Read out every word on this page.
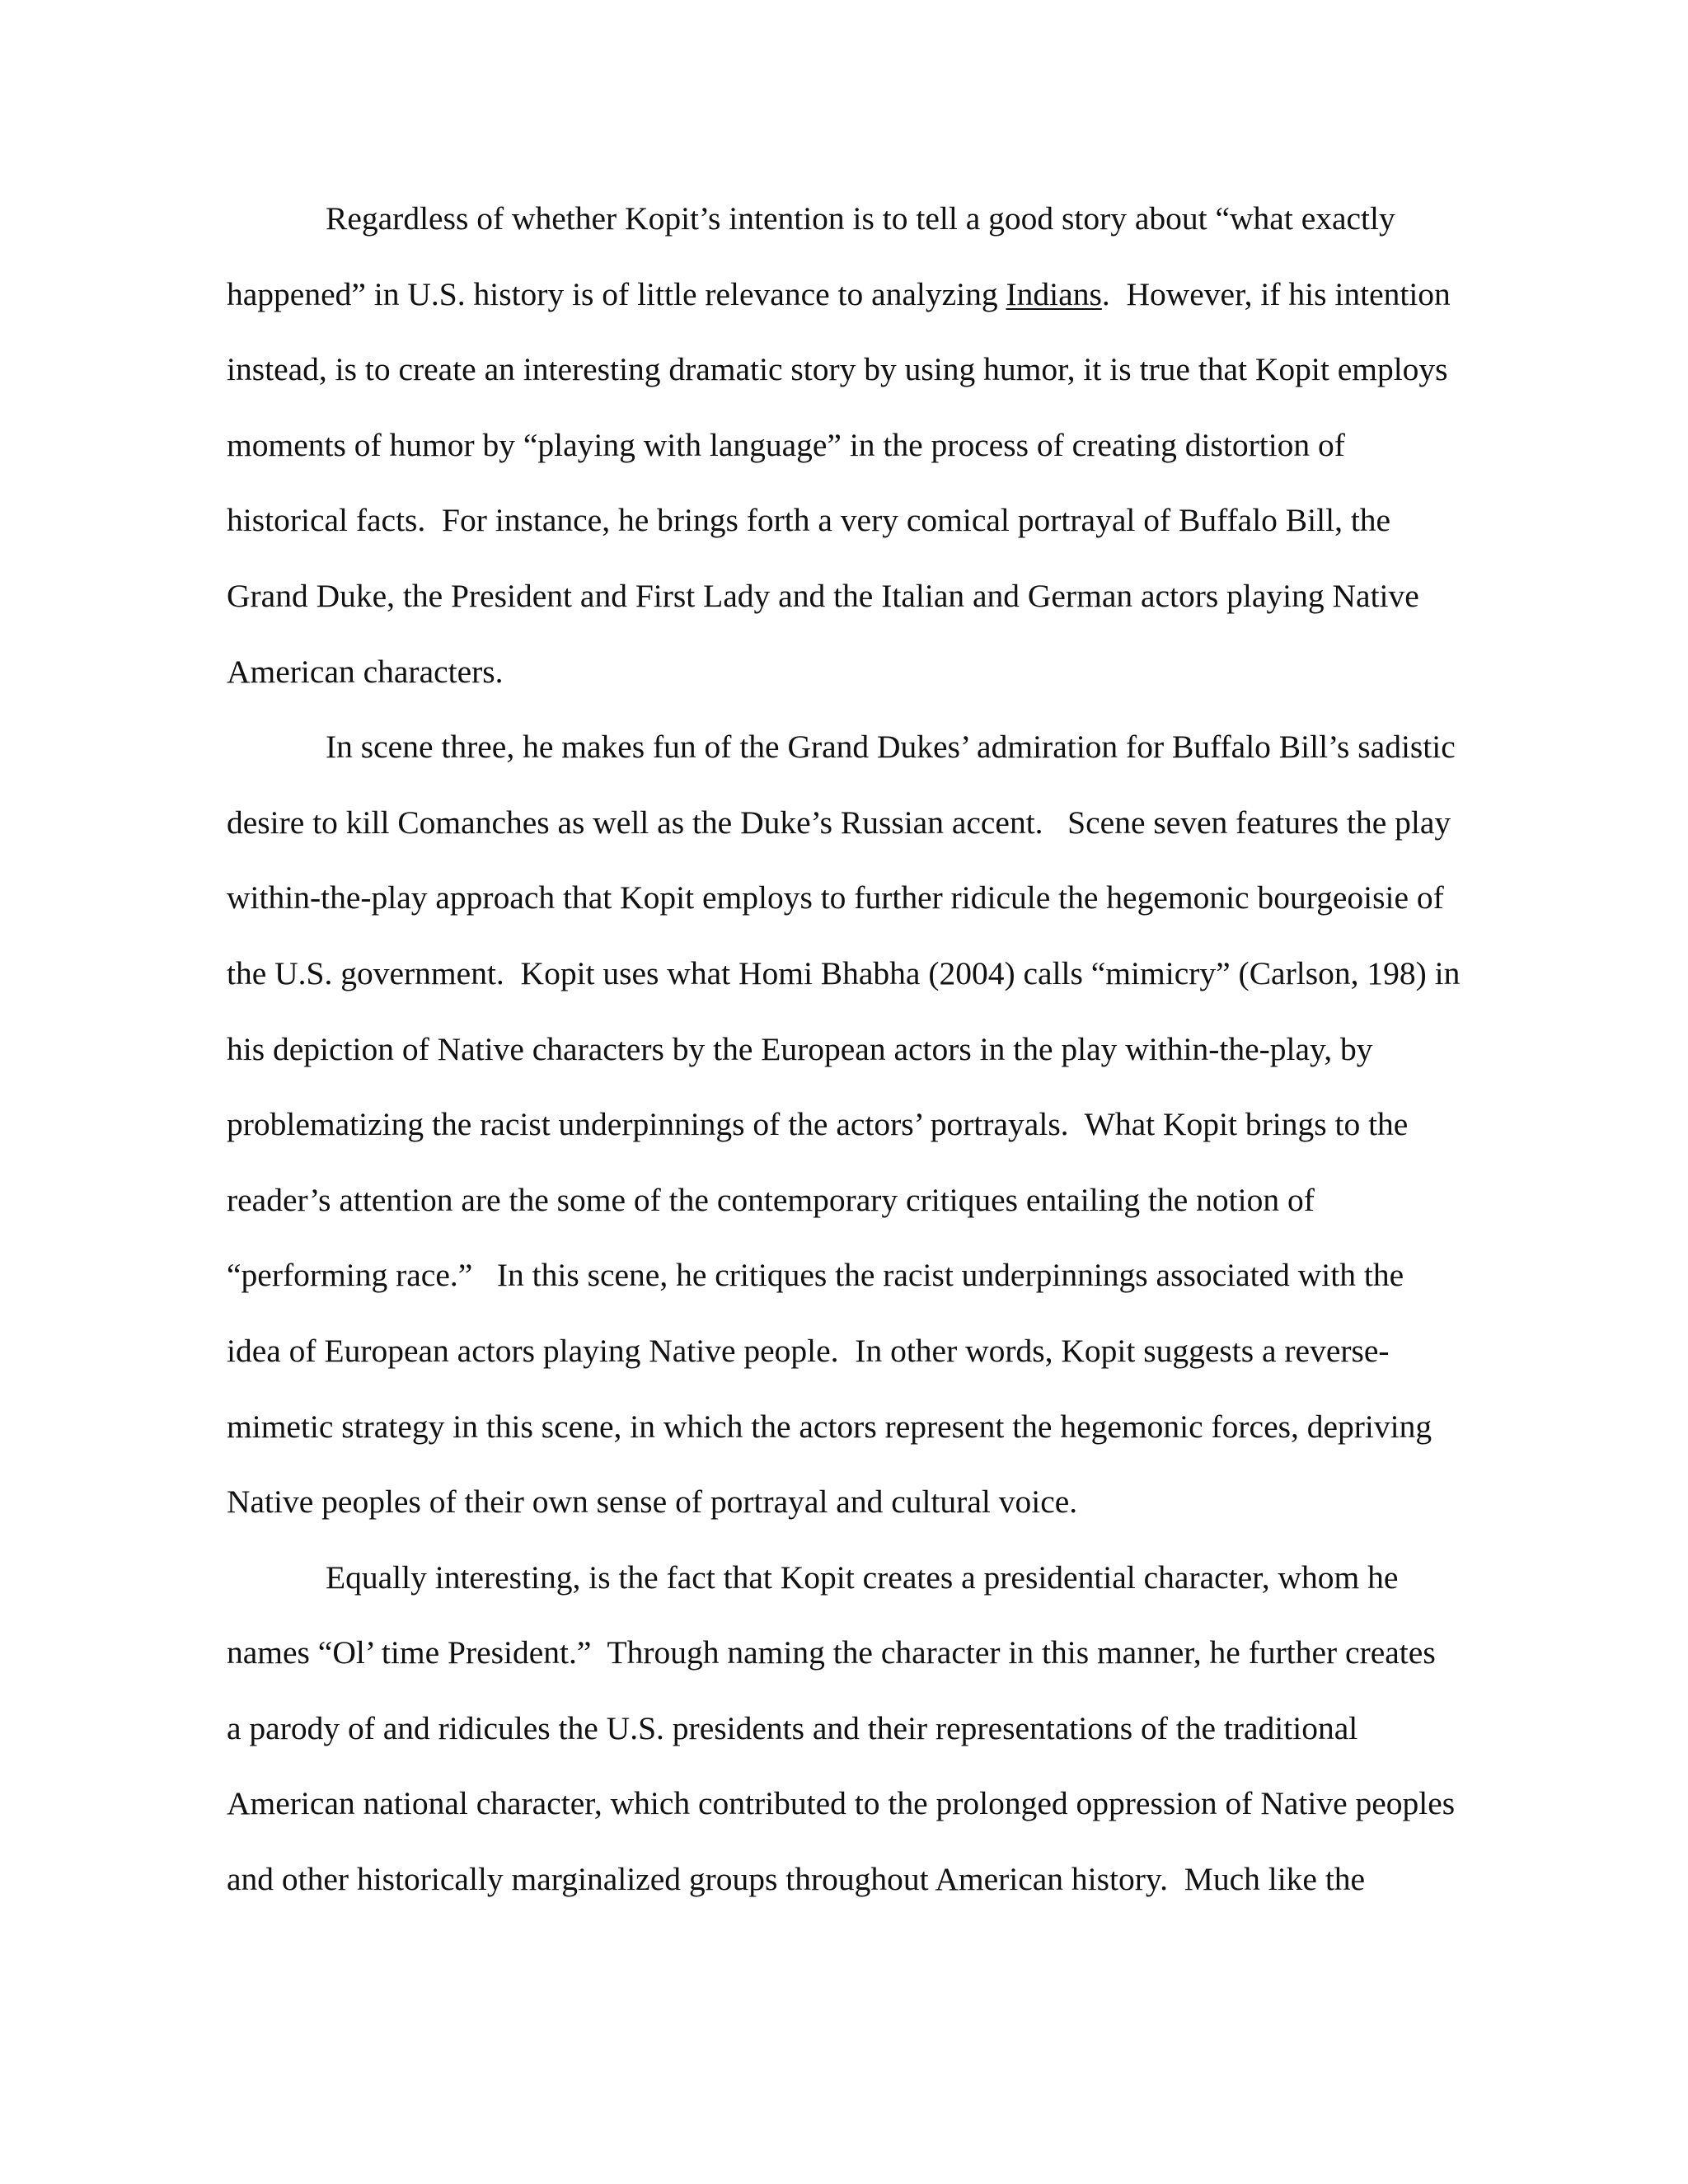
Regardless of whether Kopit’s intention is to tell a good story about “what exactly
happened” in U.S. history is of little relevance to analyzing Indians.  However, if his intention
instead, is to create an interesting dramatic story by using humor, it is true that Kopit employs
moments of humor by “playing with language” in the process of creating distortion of
historical facts.  For instance, he brings forth a very comical portrayal of Buffalo Bill, the
Grand Duke, the President and First Lady and the Italian and German actors playing Native
American characters.
In scene three, he makes fun of the Grand Dukes’ admiration for Buffalo Bill’s sadistic
desire to kill Comanches as well as the Duke’s Russian accent.   Scene seven features the play
within-the-play approach that Kopit employs to further ridicule the hegemonic bourgeoisie of
the U.S. government.  Kopit uses what Homi Bhabha (2004) calls “mimicry” (Carlson, 198) in
his depiction of Native characters by the European actors in the play within-the-play, by
problematizing the racist underpinnings of the actors’ portrayals.  What Kopit brings to the
reader’s attention are the some of the contemporary critiques entailing the notion of
“performing race.”   In this scene, he critiques the racist underpinnings associated with the
idea of European actors playing Native people.  In other words, Kopit suggests a reverse-
mimetic strategy in this scene, in which the actors represent the hegemonic forces, depriving
Native peoples of their own sense of portrayal and cultural voice.
Equally interesting, is the fact that Kopit creates a presidential character, whom he
names “Ol’ time President.”  Through naming the character in this manner, he further creates
a parody of and ridicules the U.S. presidents and their representations of the traditional
American national character, which contributed to the prolonged oppression of Native peoples
and other historically marginalized groups throughout American history.  Much like the
